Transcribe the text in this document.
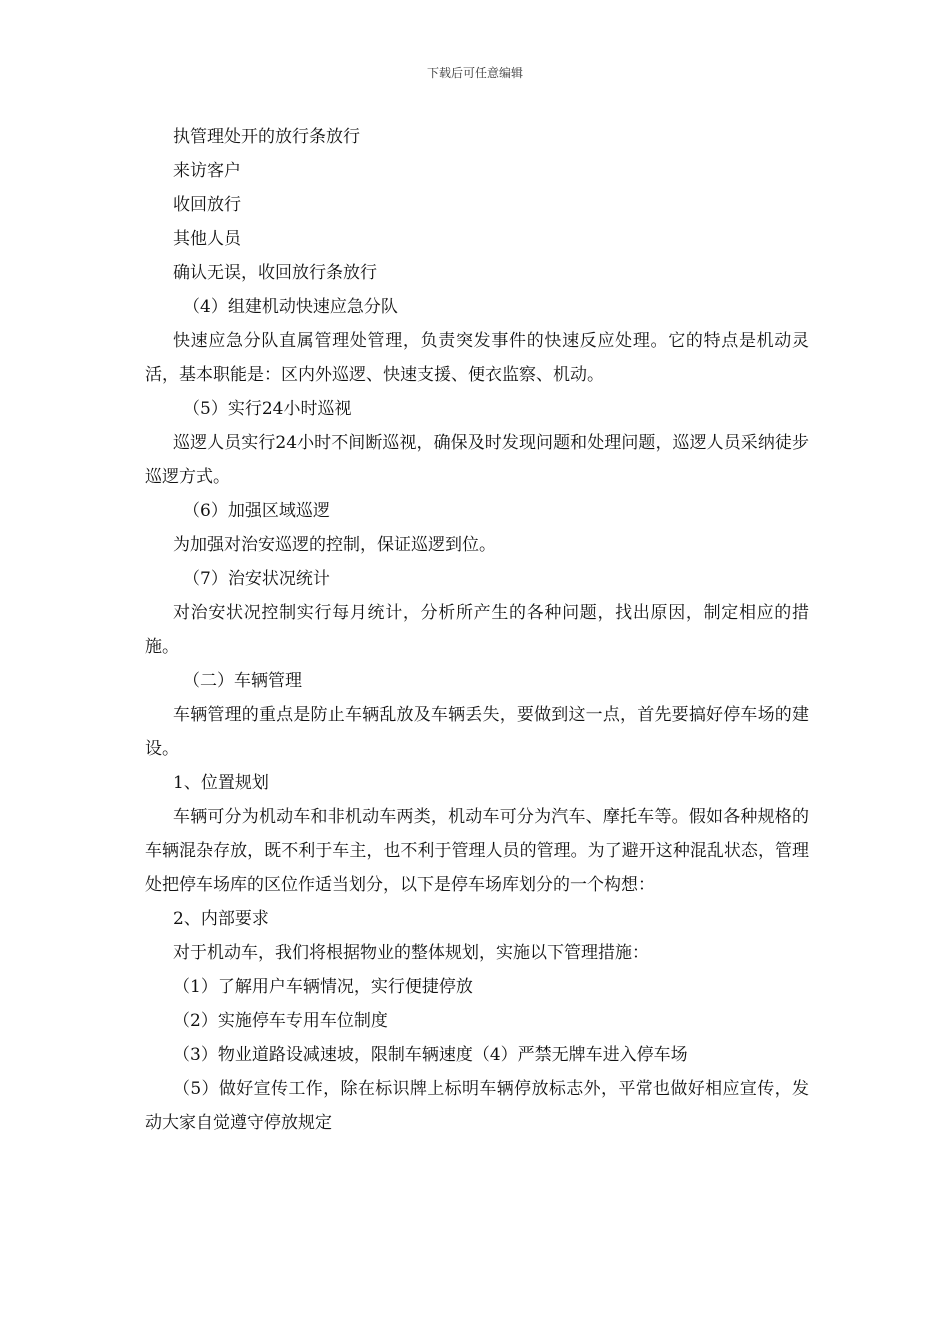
下载后可任意编辑

执管理处开的放行条放行

来访客户

收回放行

其他人员

确认无误，收回放行条放行

（4）组建机动快速应急分队

快速应急分队直属管理处管理，负责突发事件的快速反应处理。它的特点是机动灵活，基本职能是：区内外巡逻、快速支援、便衣监察、机动。

（5）实行24小时巡视

巡逻人员实行24小时不间断巡视，确保及时发现问题和处理问题，巡逻人员采纳徒步巡逻方式。

（6）加强区域巡逻

为加强对治安巡逻的控制，保证巡逻到位。

（7）治安状况统计

对治安状况控制实行每月统计，分析所产生的各种问题，找出原因，制定相应的措施。

（二）车辆管理

车辆管理的重点是防止车辆乱放及车辆丢失，要做到这一点，首先要搞好停车场的建设。

1、位置规划

车辆可分为机动车和非机动车两类，机动车可分为汽车、摩托车等。假如各种规格的车辆混杂存放，既不利于车主，也不利于管理人员的管理。为了避开这种混乱状态，管理处把停车场库的区位作适当划分，以下是停车场库划分的一个构想：

2、内部要求

对于机动车，我们将根据物业的整体规划，实施以下管理措施：

（1）了解用户车辆情况，实行便捷停放

（2）实施停车专用车位制度

（3）物业道路设减速坡，限制车辆速度（4）严禁无牌车进入停车场

（5）做好宣传工作，除在标识牌上标明车辆停放标志外，平常也做好相应宣传，发动大家自觉遵守停放规定
